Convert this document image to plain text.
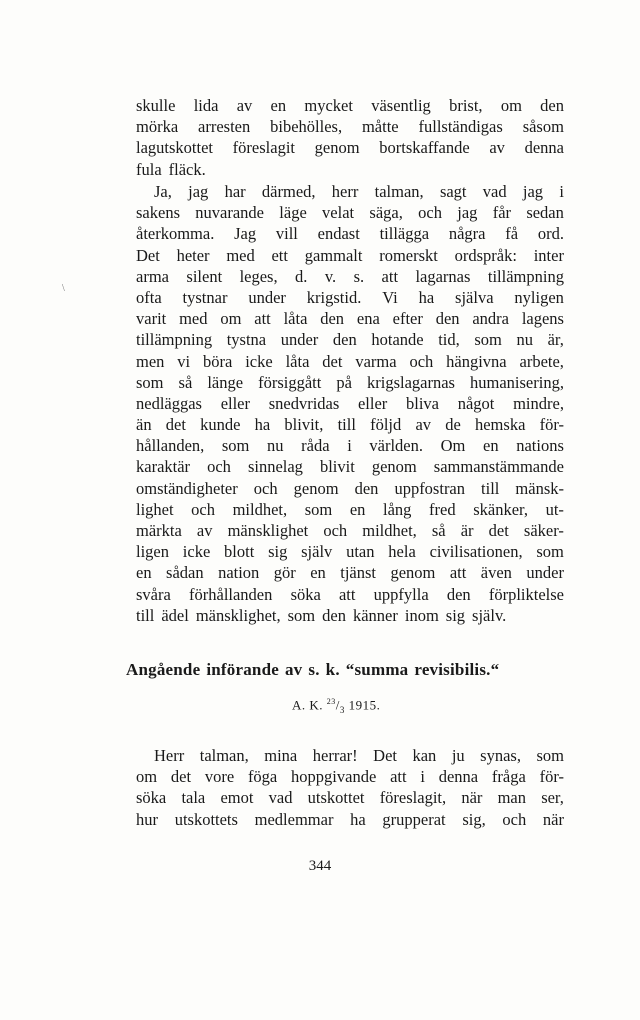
\
skulle lida av en mycket väsentlig brist, om den
mörka arresten bibehölles, måtte fullständigas såsom
lagutskottet föreslagit genom bortskaffande av denna
fula fläck.
Ja, jag har därmed, herr talman, sagt vad jag i
sakens nuvarande läge velat säga, och jag får sedan
återkomma. Jag vill endast tillägga några få ord.
Det heter med ett gammalt romerskt ordspråk: inter
arma silent leges, d. v. s. att lagarnas tillämpning
ofta tystnar under krigstid. Vi ha själva nyligen
varit med om att låta den ena efter den andra lagens
tillämpning tystna under den hotande tid, som nu är,
men vi böra icke låta det varma och hängivna arbete,
som så länge försiggått på krigslagarnas humanisering,
nedläggas eller snedvridas eller bliva något mindre,
än det kunde ha blivit, till följd av de hemska för-
hållanden, som nu råda i världen. Om en nations
karaktär och sinnelag blivit genom sammanstämmande
omständigheter och genom den uppfostran till mänsk-
lighet och mildhet, som en lång fred skänker, ut-
märkta av mänsklighet och mildhet, så är det säker-
ligen icke blott sig själv utan hela civilisationen, som
en sådan nation gör en tjänst genom att även under
svåra förhållanden söka att uppfylla den förpliktelse
till ädel mänsklighet, som den känner inom sig själv.
Angående införande av s. k. “summa revisibilis.“
A. K. $^{23}/_3$ 1915.
Herr talman, mina herrar! Det kan ju synas, som
om det vore föga hoppgivande att i denna fråga för-
söka tala emot vad utskottet föreslagit, när man ser,
hur utskottets medlemmar ha grupperat sig, och när
344
